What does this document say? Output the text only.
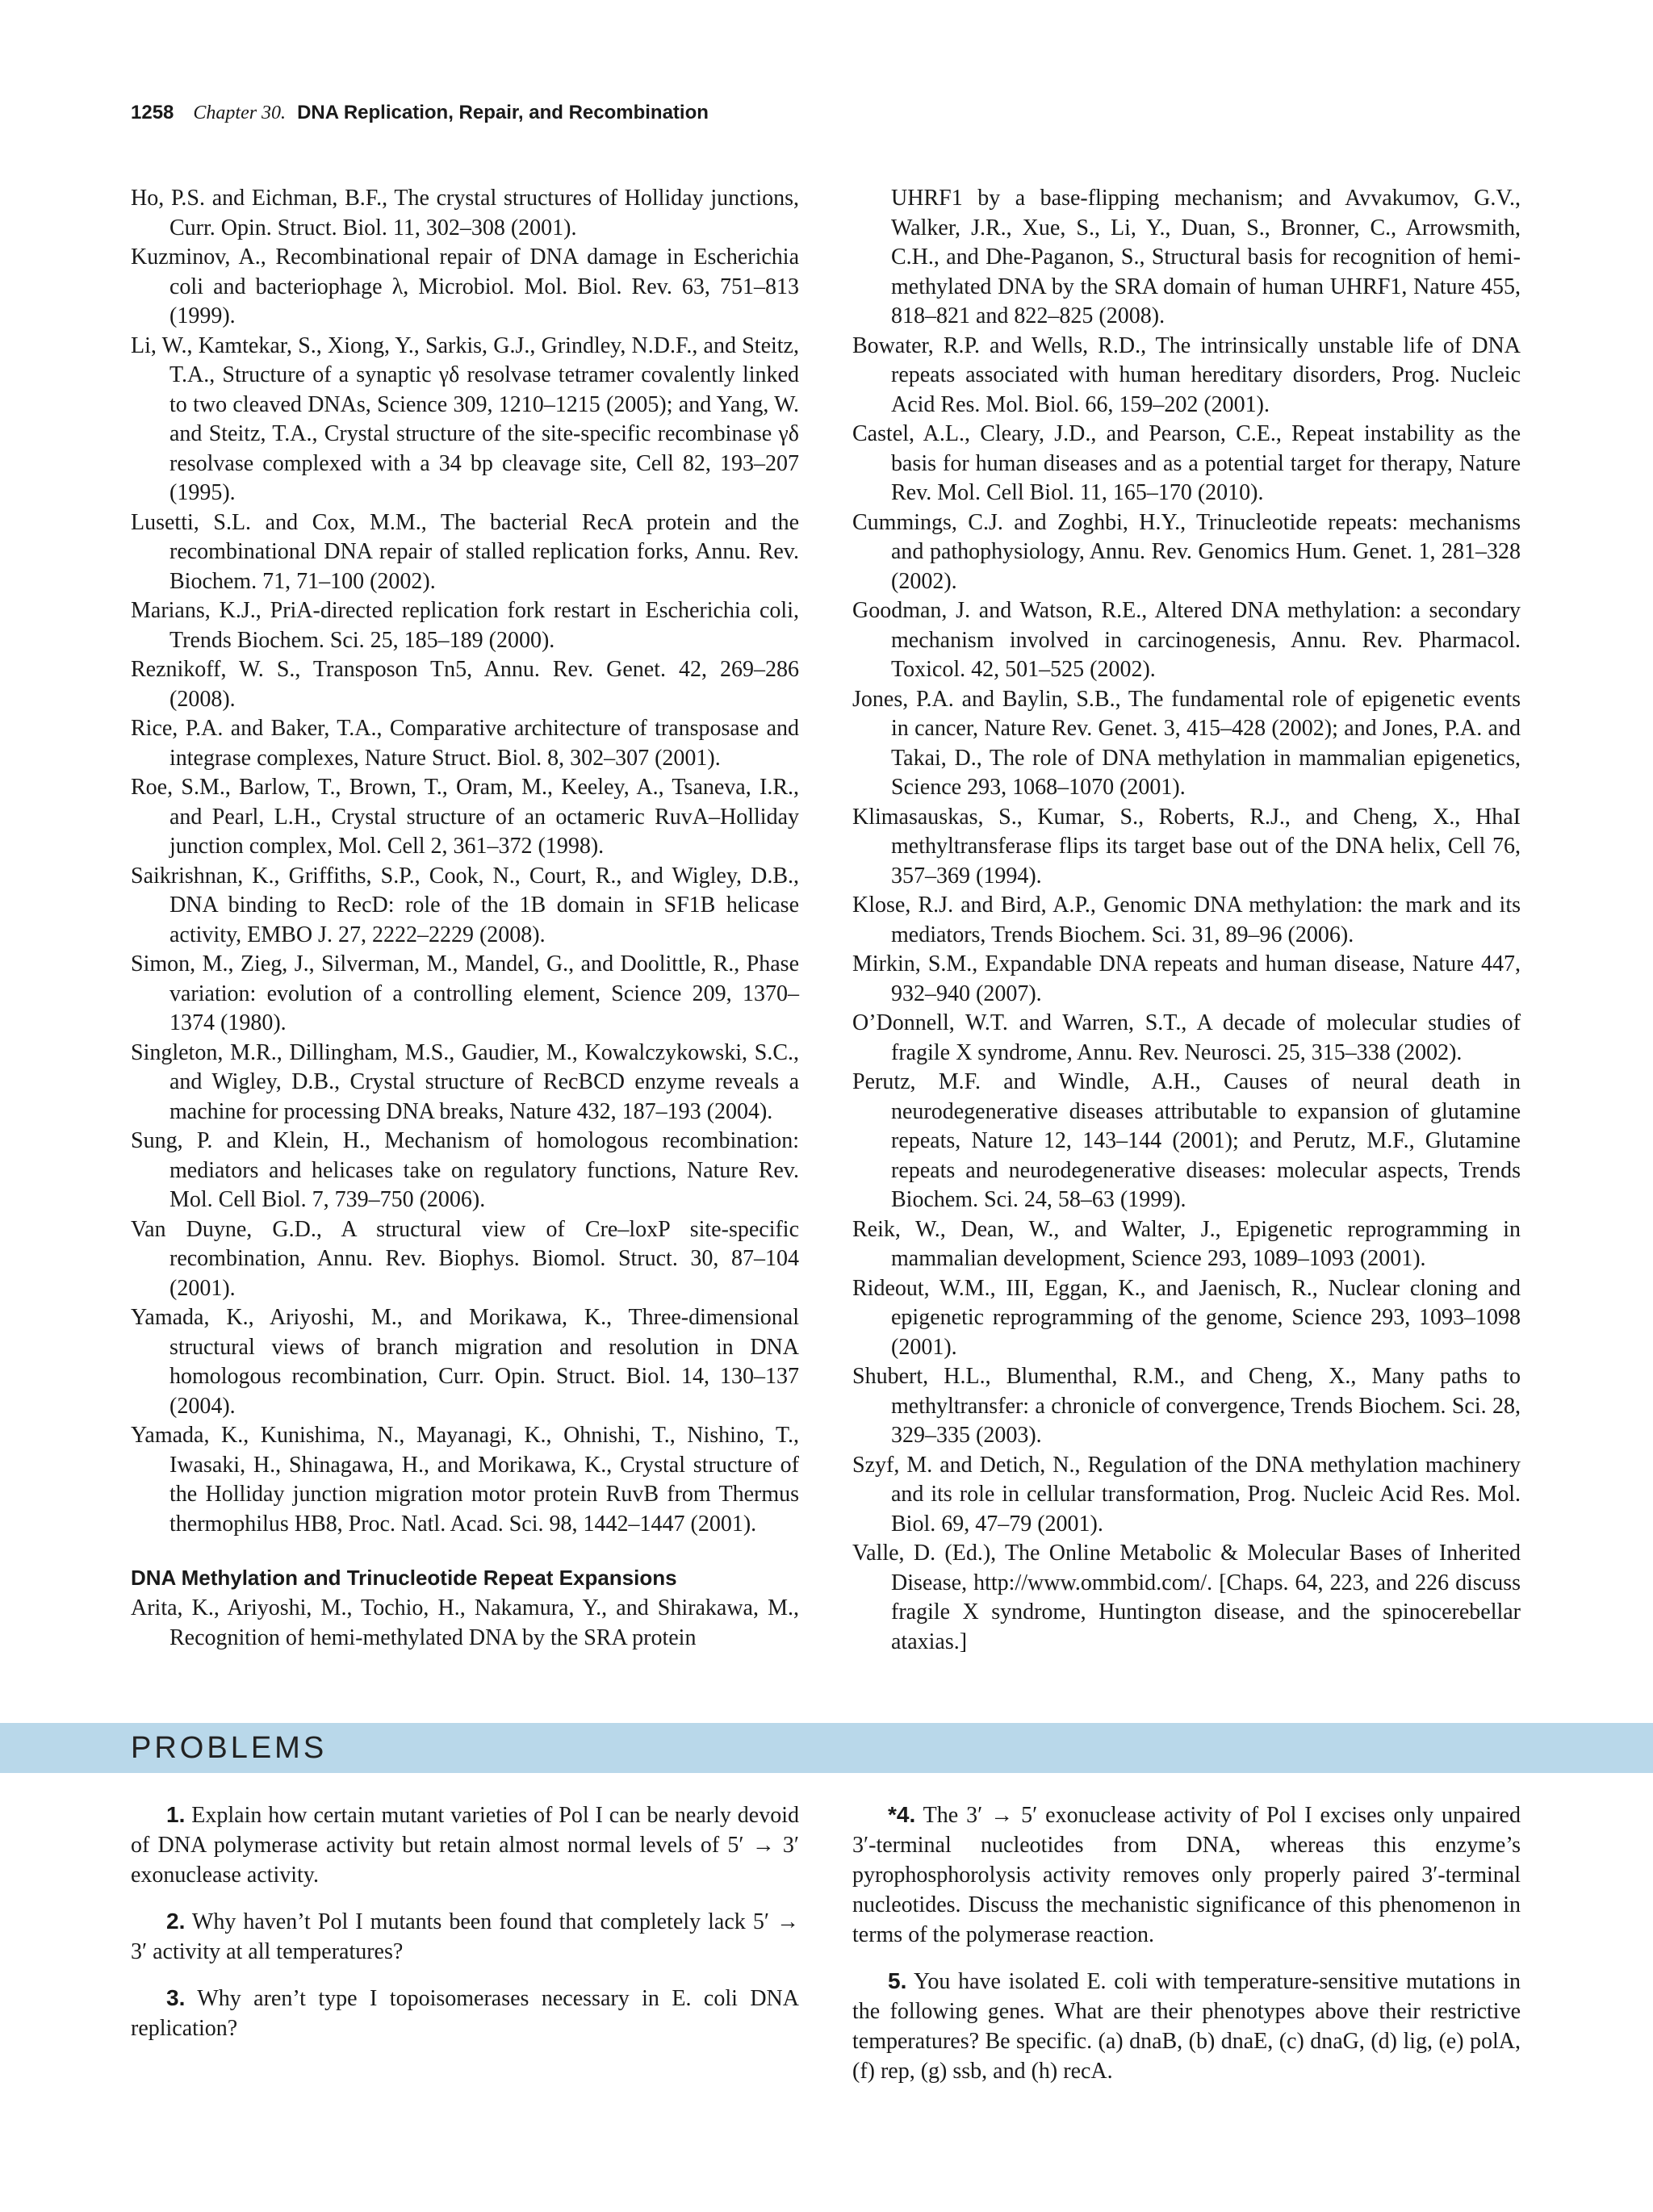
1258 Chapter 30. DNA Replication, Repair, and Recombination

Ho, P.S. and Eichman, B.F., The crystal structures of Holliday junctions, Curr. Opin. Struct. Biol. 11, 302–308 (2001).

Kuzminov, A., Recombinational repair of DNA damage in Escherichia coli and bacteriophage λ, Microbiol. Mol. Biol. Rev. 63, 751–813 (1999).

Li, W., Kamtekar, S., Xiong, Y., Sarkis, G.J., Grindley, N.D.F., and Steitz, T.A., Structure of a synaptic γδ resolvase tetramer covalently linked to two cleaved DNAs, Science 309, 1210–1215 (2005); and Yang, W. and Steitz, T.A., Crystal structure of the site-specific recombinase γδ resolvase complexed with a 34 bp cleavage site, Cell 82, 193–207 (1995).

Lusetti, S.L. and Cox, M.M., The bacterial RecA protein and the recombinational DNA repair of stalled replication forks, Annu. Rev. Biochem. 71, 71–100 (2002).

Marians, K.J., PriA-directed replication fork restart in Escherichia coli, Trends Biochem. Sci. 25, 185–189 (2000).

Reznikoff, W. S., Transposon Tn5, Annu. Rev. Genet. 42, 269–286 (2008).

Rice, P.A. and Baker, T.A., Comparative architecture of transposase and integrase complexes, Nature Struct. Biol. 8, 302–307 (2001).

Roe, S.M., Barlow, T., Brown, T., Oram, M., Keeley, A., Tsaneva, I.R., and Pearl, L.H., Crystal structure of an octameric RuvA–Holliday junction complex, Mol. Cell 2, 361–372 (1998).

Saikrishnan, K., Griffiths, S.P., Cook, N., Court, R., and Wigley, D.B., DNA binding to RecD: role of the 1B domain in SF1B helicase activity, EMBO J. 27, 2222–2229 (2008).

Simon, M., Zieg, J., Silverman, M., Mandel, G., and Doolittle, R., Phase variation: evolution of a controlling element, Science 209, 1370–1374 (1980).

Singleton, M.R., Dillingham, M.S., Gaudier, M., Kowalczykowski, S.C., and Wigley, D.B., Crystal structure of RecBCD enzyme reveals a machine for processing DNA breaks, Nature 432, 187–193 (2004).

Sung, P. and Klein, H., Mechanism of homologous recombination: mediators and helicases take on regulatory functions, Nature Rev. Mol. Cell Biol. 7, 739–750 (2006).

Van Duyne, G.D., A structural view of Cre–loxP site-specific recombination, Annu. Rev. Biophys. Biomol. Struct. 30, 87–104 (2001).

Yamada, K., Ariyoshi, M., and Morikawa, K., Three-dimensional structural views of branch migration and resolution in DNA homologous recombination, Curr. Opin. Struct. Biol. 14, 130–137 (2004).

Yamada, K., Kunishima, N., Mayanagi, K., Ohnishi, T., Nishino, T., Iwasaki, H., Shinagawa, H., and Morikawa, K., Crystal structure of the Holliday junction migration motor protein RuvB from Thermus thermophilus HB8, Proc. Natl. Acad. Sci. 98, 1442–1447 (2001).

DNA Methylation and Trinucleotide Repeat Expansions

Arita, K., Ariyoshi, M., Tochio, H., Nakamura, Y., and Shirakawa, M., Recognition of hemi-methylated DNA by the SRA protein

UHRF1 by a base-flipping mechanism; and Avvakumov, G.V., Walker, J.R., Xue, S., Li, Y., Duan, S., Bronner, C., Arrowsmith, C.H., and Dhe-Paganon, S., Structural basis for recognition of hemi-methylated DNA by the SRA domain of human UHRF1, Nature 455, 818–821 and 822–825 (2008).

Bowater, R.P. and Wells, R.D., The intrinsically unstable life of DNA repeats associated with human hereditary disorders, Prog. Nucleic Acid Res. Mol. Biol. 66, 159–202 (2001).

Castel, A.L., Cleary, J.D., and Pearson, C.E., Repeat instability as the basis for human diseases and as a potential target for therapy, Nature Rev. Mol. Cell Biol. 11, 165–170 (2010).

Cummings, C.J. and Zoghbi, H.Y., Trinucleotide repeats: mechanisms and pathophysiology, Annu. Rev. Genomics Hum. Genet. 1, 281–328 (2002).

Goodman, J. and Watson, R.E., Altered DNA methylation: a secondary mechanism involved in carcinogenesis, Annu. Rev. Pharmacol. Toxicol. 42, 501–525 (2002).

Jones, P.A. and Baylin, S.B., The fundamental role of epigenetic events in cancer, Nature Rev. Genet. 3, 415–428 (2002); and Jones, P.A. and Takai, D., The role of DNA methylation in mammalian epigenetics, Science 293, 1068–1070 (2001).

Klimasauskas, S., Kumar, S., Roberts, R.J., and Cheng, X., HhaI methyltransferase flips its target base out of the DNA helix, Cell 76, 357–369 (1994).

Klose, R.J. and Bird, A.P., Genomic DNA methylation: the mark and its mediators, Trends Biochem. Sci. 31, 89–96 (2006).

Mirkin, S.M., Expandable DNA repeats and human disease, Nature 447, 932–940 (2007).

O’Donnell, W.T. and Warren, S.T., A decade of molecular studies of fragile X syndrome, Annu. Rev. Neurosci. 25, 315–338 (2002).

Perutz, M.F. and Windle, A.H., Causes of neural death in neurodegenerative diseases attributable to expansion of glutamine repeats, Nature 12, 143–144 (2001); and Perutz, M.F., Glutamine repeats and neurodegenerative diseases: molecular aspects, Trends Biochem. Sci. 24, 58–63 (1999).

Reik, W., Dean, W., and Walter, J., Epigenetic reprogramming in mammalian development, Science 293, 1089–1093 (2001).

Rideout, W.M., III, Eggan, K., and Jaenisch, R., Nuclear cloning and epigenetic reprogramming of the genome, Science 293, 1093–1098 (2001).

Shubert, H.L., Blumenthal, R.M., and Cheng, X., Many paths to methyltransfer: a chronicle of convergence, Trends Biochem. Sci. 28, 329–335 (2003).

Szyf, M. and Detich, N., Regulation of the DNA methylation machinery and its role in cellular transformation, Prog. Nucleic Acid Res. Mol. Biol. 69, 47–79 (2001).

Valle, D. (Ed.), The Online Metabolic & Molecular Bases of Inherited Disease, http://www.ommbid.com/. [Chaps. 64, 223, and 226 discuss fragile X syndrome, Huntington disease, and the spinocerebellar ataxias.]

PROBLEMS

1. Explain how certain mutant varieties of Pol I can be nearly devoid of DNA polymerase activity but retain almost normal levels of 5′ → 3′ exonuclease activity.

2. Why haven’t Pol I mutants been found that completely lack 5′ → 3′ activity at all temperatures?

3. Why aren’t type I topoisomerases necessary in E. coli DNA replication?

*4. The 3′ → 5′ exonuclease activity of Pol I excises only unpaired 3′-terminal nucleotides from DNA, whereas this enzyme’s pyrophosphorolysis activity removes only properly paired 3′-terminal nucleotides. Discuss the mechanistic significance of this phenomenon in terms of the polymerase reaction.

5. You have isolated E. coli with temperature-sensitive mutations in the following genes. What are their phenotypes above their restrictive temperatures? Be specific. (a) dnaB, (b) dnaE, (c) dnaG, (d) lig, (e) polA, (f) rep, (g) ssb, and (h) recA.
